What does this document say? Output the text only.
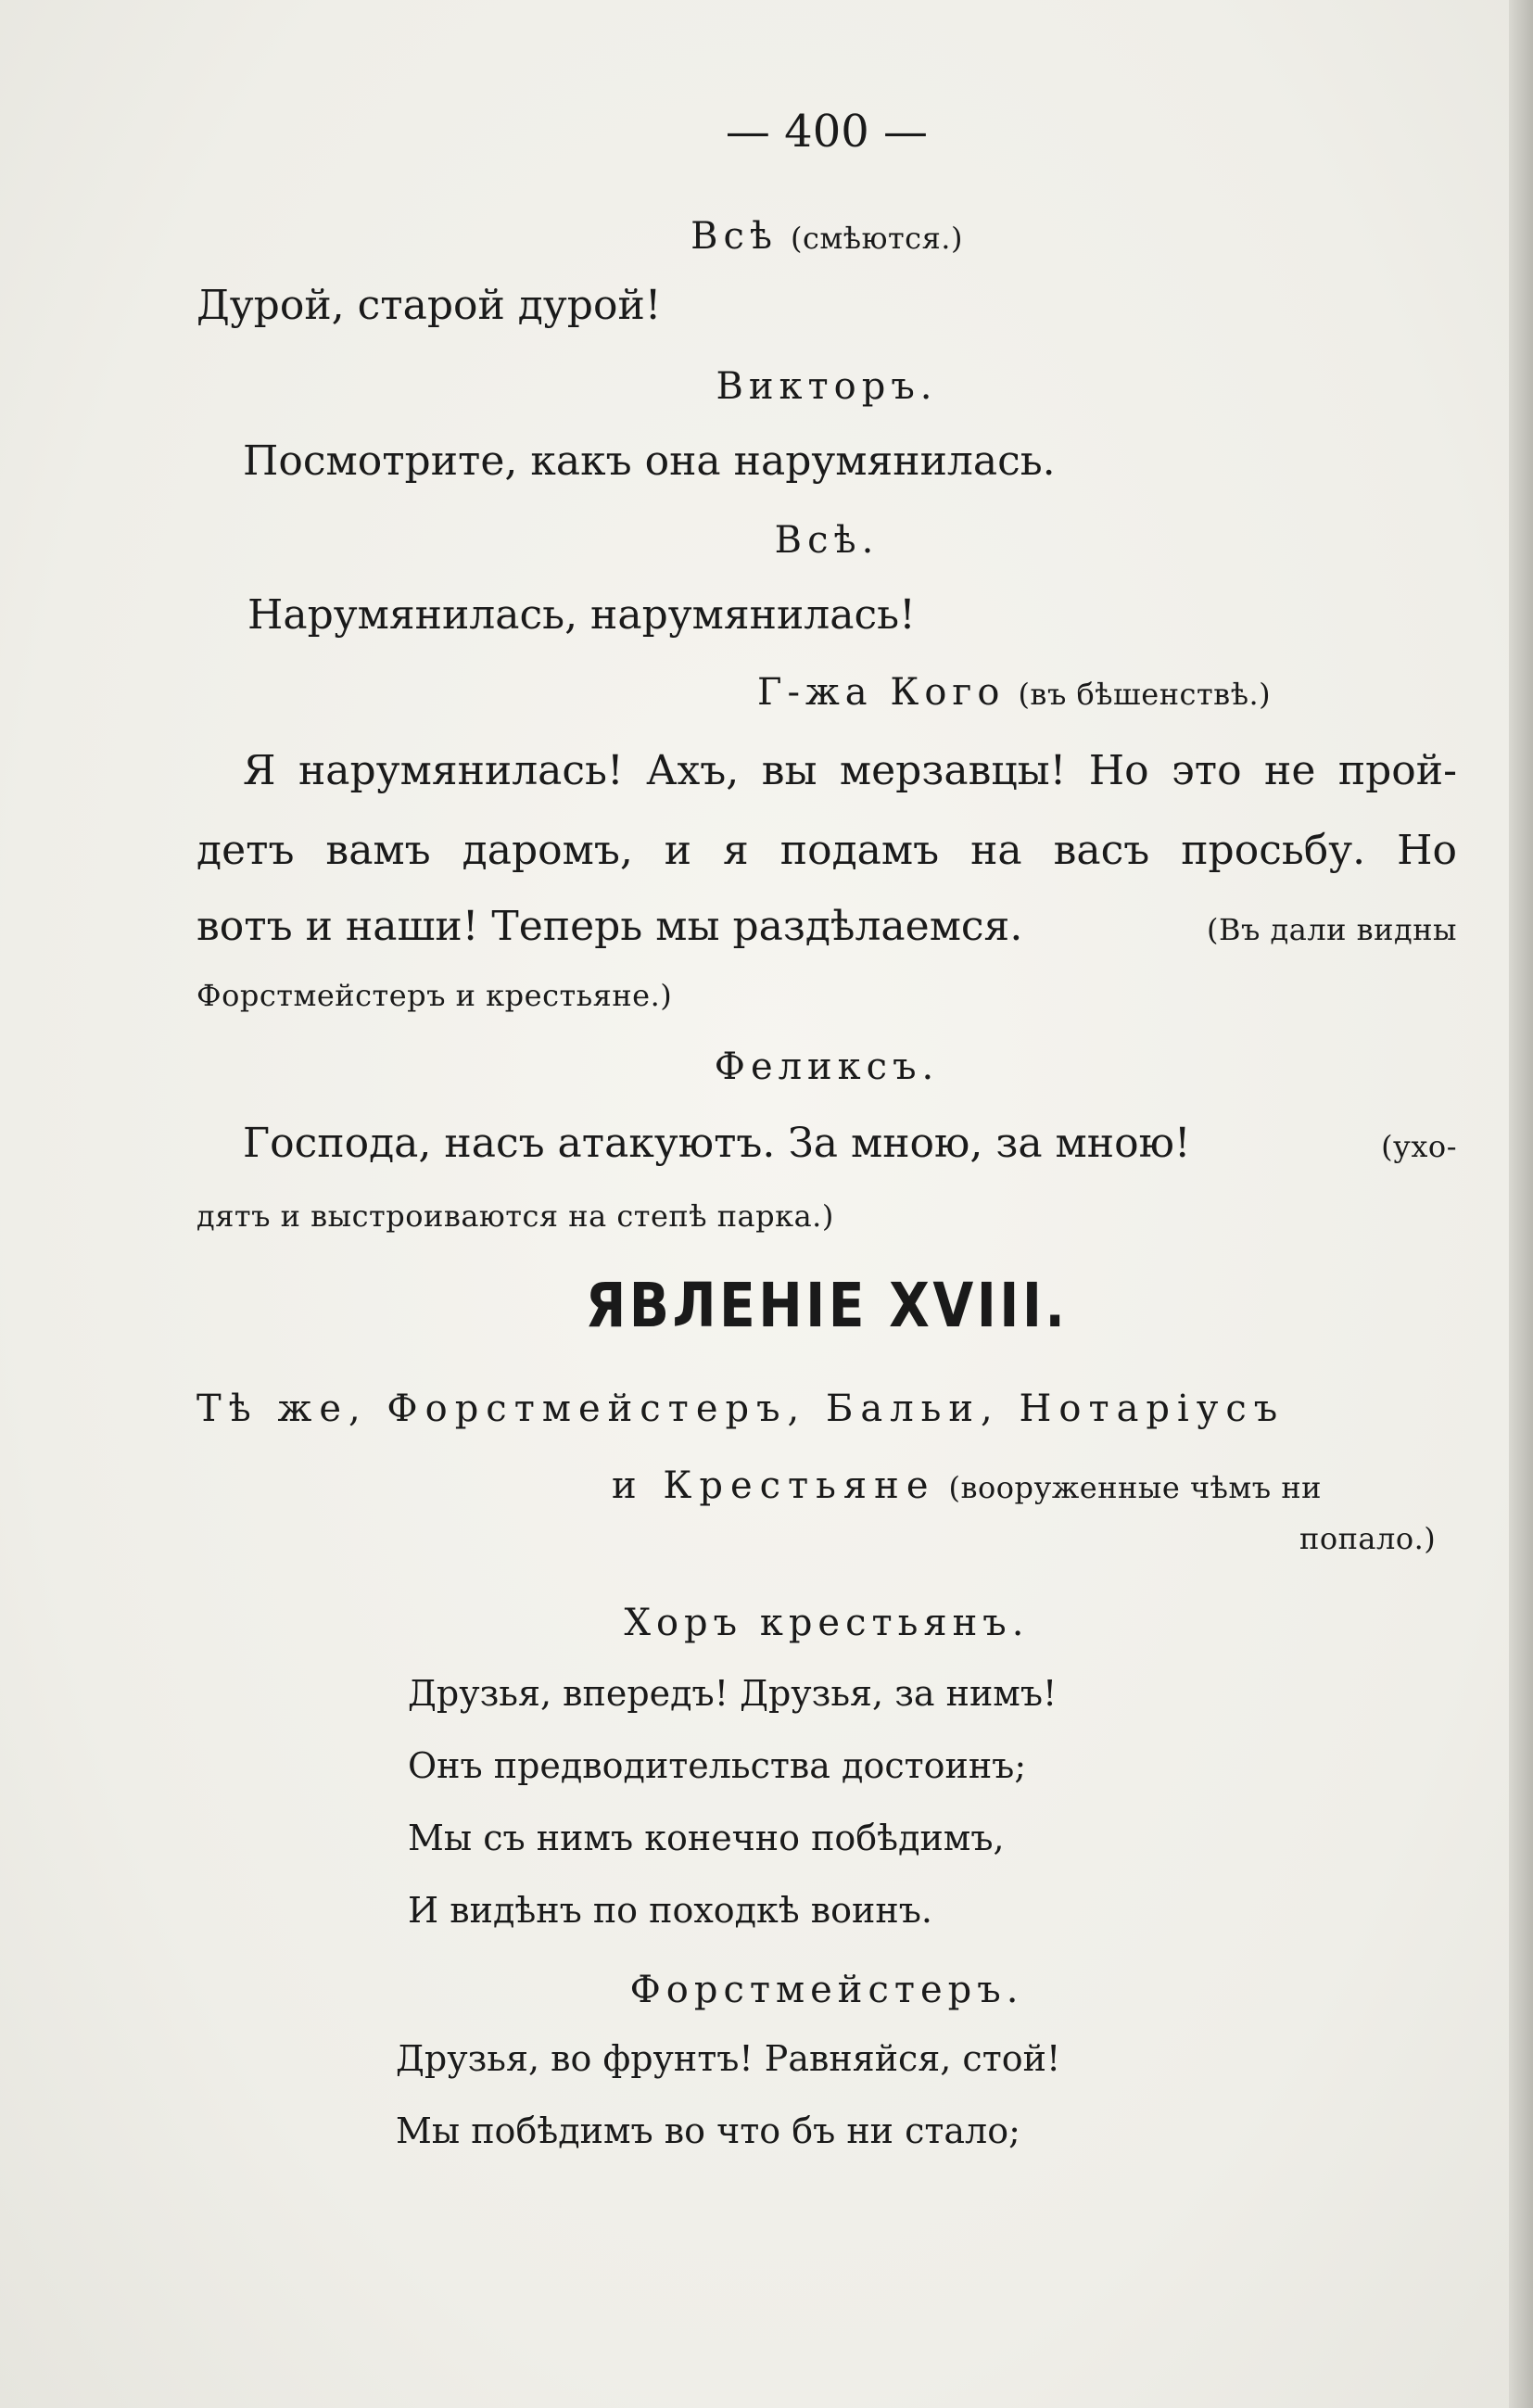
— 400 —
Всѣ (смѣются.)
Дурой, старой дурой!
Викторъ.
Посмотрите, какъ она нарумянилась.
Всѣ.
Нарумянилась, нарумянилась!
Г-жа Кого (въ бѣшенствѣ.)
Я нарумянилась! Ахъ, вы мерзавцы! Но это не прой-
детъ вамъ даромъ, и я подамъ на васъ просьбу. Но
вотъ и наши! Теперь мы раздѣлаемся.	(Въ дали видны
Форстмейстеръ и крестьяне.)
Феликсъ.
Господа, насъ атакуютъ. За мною, за мною!	(ухо-
дятъ и выстроиваются на степѣ парка.)
ЯВЛЕНІЕ XVIII.
Тѣ же, Форстмейстеръ, Бальи, Нотаріусъ
и Крестьяне (вооруженные чѣмъ ни
попало.)
Хоръ крестьянъ.
Друзья, впередъ! Друзья, за нимъ!
Онъ предводительства достоинъ;
Мы съ нимъ конечно побѣдимъ,
И видѣнъ по походкѣ воинъ.
Форстмейстеръ.
Друзья, во фрунтъ! Равняйся, стой!
Мы побѣдимъ во что бъ ни стало;
